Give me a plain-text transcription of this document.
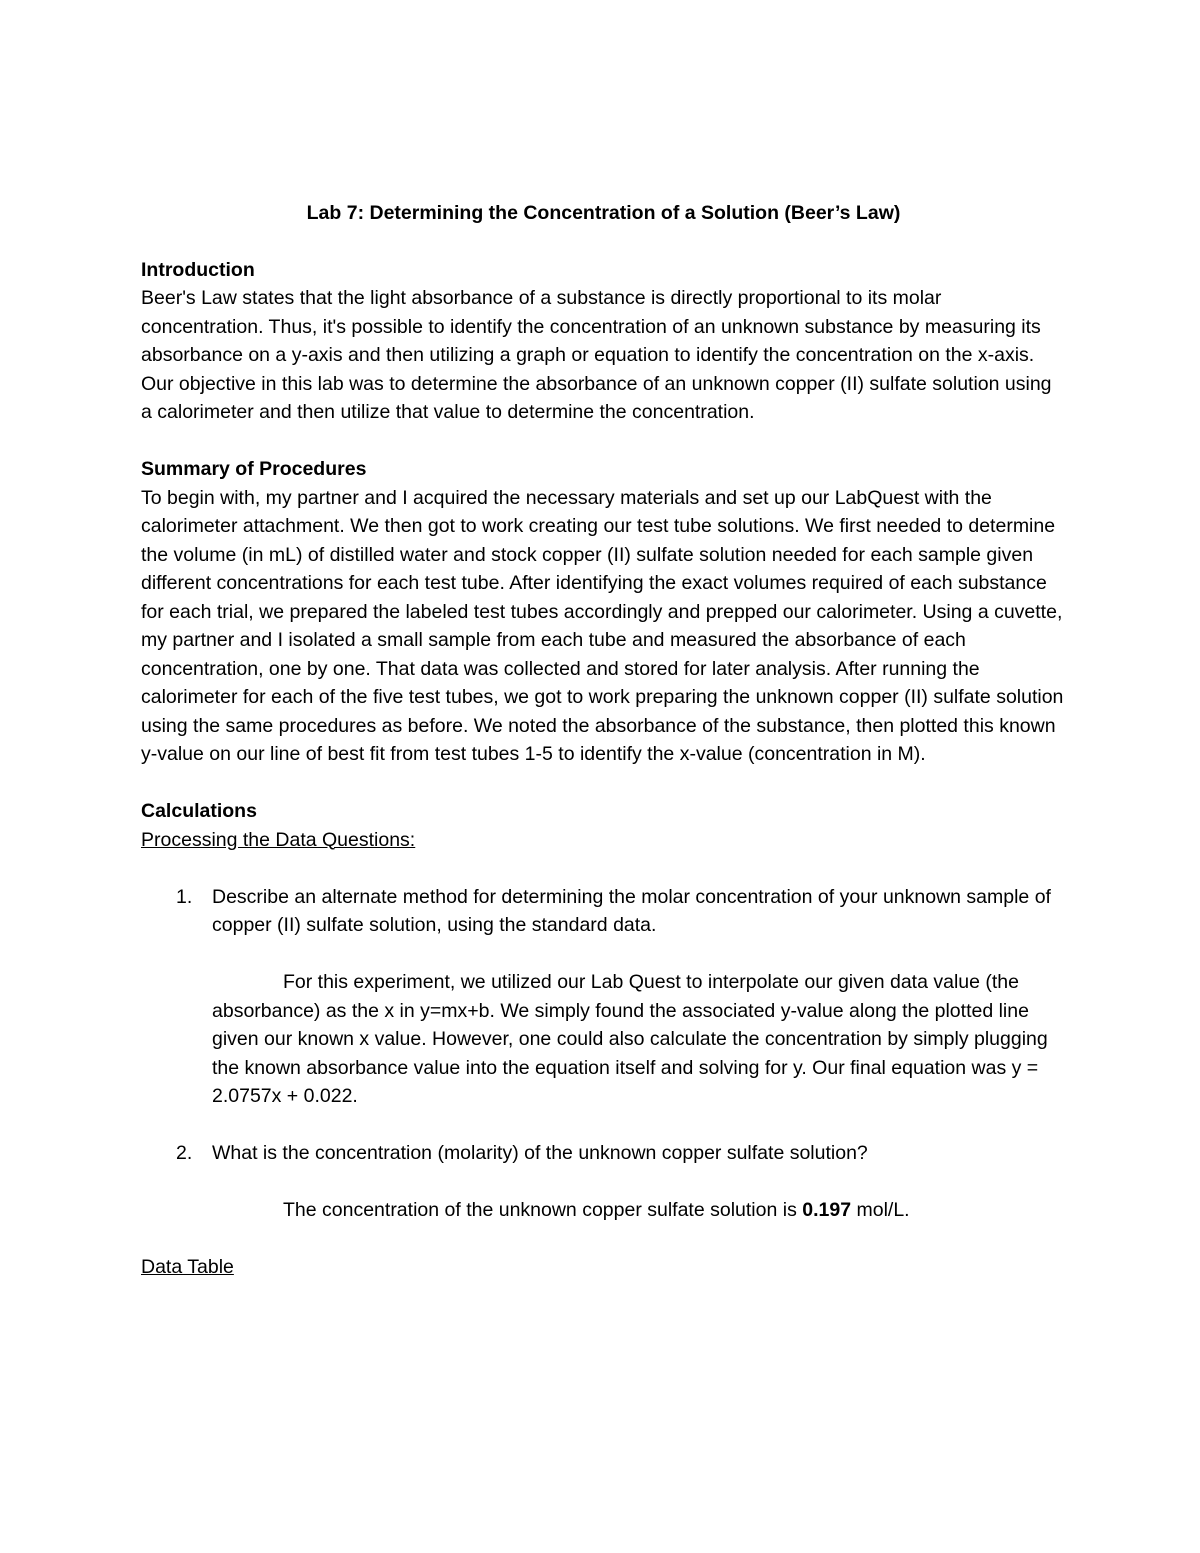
Lab 7: Determining the Concentration of a Solution (Beer’s Law)

Introduction

Beer's Law states that the light absorbance of a substance is directly proportional to its molar concentration. Thus, it's possible to identify the concentration of an unknown substance by measuring its absorbance on a y-axis and then utilizing a graph or equation to identify the concentration on the x-axis. Our objective in this lab was to determine the absorbance of an unknown copper (II) sulfate solution using a calorimeter and then utilize that value to determine the concentration.

Summary of Procedures

To begin with, my partner and I acquired the necessary materials and set up our LabQuest with the calorimeter attachment. We then got to work creating our test tube solutions. We first needed to determine the volume (in mL) of distilled water and stock copper (II) sulfate solution needed for each sample given different concentrations for each test tube. After identifying the exact volumes required of each substance for each trial, we prepared the labeled test tubes accordingly and prepped our calorimeter. Using a cuvette, my partner and I isolated a small sample from each tube and measured the absorbance of each concentration, one by one. That data was collected and stored for later analysis. After running the calorimeter for each of the five test tubes, we got to work preparing the unknown copper (II) sulfate solution using the same procedures as before. We noted the absorbance of the substance, then plotted this known y-value on our line of best fit from test tubes 1-5 to identify the x-value (concentration in M).

Calculations

Processing the Data Questions:

1. Describe an alternate method for determining the molar concentration of your unknown sample of copper (II) sulfate solution, using the standard data.

For this experiment, we utilized our Lab Quest to interpolate our given data value (the absorbance) as the x in y=mx+b. We simply found the associated y-value along the plotted line given our known x value. However, one could also calculate the concentration by simply plugging the known absorbance value into the equation itself and solving for y. Our final equation was y = 2.0757x + 0.022.

2. What is the concentration (molarity) of the unknown copper sulfate solution?

The concentration of the unknown copper sulfate solution is 0.197 mol/L.

Data Table
